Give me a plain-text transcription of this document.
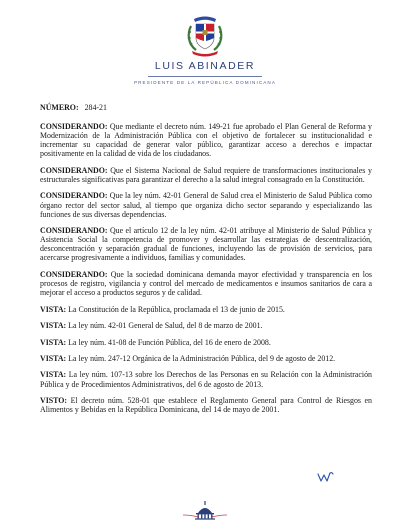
LUIS ABINADER
PRESIDENTE DE LA REPÚBLICA DOMINICANA

NÚMERO: 284-21

CONSIDERANDO: Que mediante el decreto núm. 149-21 fue aprobado el Plan General de Reforma y Modernización de la Administración Pública con el objetivo de fortalecer su institucionalidad e incrementar su capacidad de generar valor público, garantizar acceso a derechos e impactar positivamente en la calidad de vida de los ciudadanos.

CONSIDERANDO: Que el Sistema Nacional de Salud requiere de transformaciones institucionales y estructurales significativas para garantizar el derecho a la salud integral consagrado en la Constitución.

CONSIDERANDO: Que la ley núm. 42-01 General de Salud crea el Ministerio de Salud Pública como órgano rector del sector salud, al tiempo que organiza dicho sector separando y especializando las funciones de sus diversas dependencias.

CONSIDERANDO: Que el artículo 12 de la ley núm. 42-01 atribuye al Ministerio de Salud Pública y Asistencia Social la competencia de promover y desarrollar las estrategias de descentralización, desconcentración y separación gradual de funciones, incluyendo las de provisión de servicios, para acercarse progresivamente a individuos, familias y comunidades.

CONSIDERANDO: Que la sociedad dominicana demanda mayor efectividad y transparencia en los procesos de registro, vigilancia y control del mercado de medicamentos e insumos sanitarios de cara a mejorar el acceso a productos seguros y de calidad.

VISTA: La Constitución de la República, proclamada el 13 de junio de 2015.

VISTA: La ley núm. 42-01 General de Salud, del 8 de marzo de 2001.

VISTA: La ley núm. 41-08 de Función Pública, del 16 de enero de 2008.

VISTA: La ley núm. 247-12 Orgánica de la Administración Pública, del 9 de agosto de 2012.

VISTA: La ley núm. 107-13 sobre los Derechos de las Personas en su Relación con la Administración Pública y de Procedimientos Administrativos, del 6 de agosto de 2013.

VISTO: El decreto núm. 528-01 que establece el Reglamento General para Control de Riesgos en Alimentos y Bebidas en la República Dominicana, del 14 de mayo de 2001.
